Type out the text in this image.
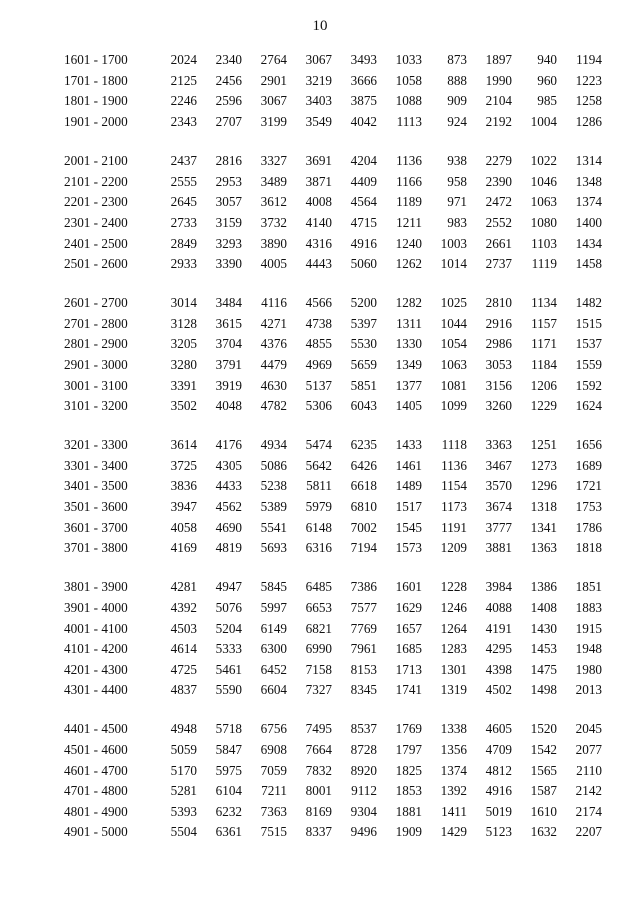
10
1601 - 1700	2024	2340	2764	3067	3493	1033	873	1897	940	1194
1701 - 1800	2125	2456	2901	3219	3666	1058	888	1990	960	1223
1801 - 1900	2246	2596	3067	3403	3875	1088	909	2104	985	1258
1901 - 2000	2343	2707	3199	3549	4042	1113	924	2192	1004	1286

2001 - 2100	2437	2816	3327	3691	4204	1136	938	2279	1022	1314
2101 - 2200	2555	2953	3489	3871	4409	1166	958	2390	1046	1348
2201 - 2300	2645	3057	3612	4008	4564	1189	971	2472	1063	1374
2301 - 2400	2733	3159	3732	4140	4715	1211	983	2552	1080	1400
2401 - 2500	2849	3293	3890	4316	4916	1240	1003	2661	1103	1434
2501 - 2600	2933	3390	4005	4443	5060	1262	1014	2737	1119	1458

2601 - 2700	3014	3484	4116	4566	5200	1282	1025	2810	1134	1482
2701 - 2800	3128	3615	4271	4738	5397	1311	1044	2916	1157	1515
2801 - 2900	3205	3704	4376	4855	5530	1330	1054	2986	1171	1537
2901 - 3000	3280	3791	4479	4969	5659	1349	1063	3053	1184	1559
3001 - 3100	3391	3919	4630	5137	5851	1377	1081	3156	1206	1592
3101 - 3200	3502	4048	4782	5306	6043	1405	1099	3260	1229	1624

3201 - 3300	3614	4176	4934	5474	6235	1433	1118	3363	1251	1656
3301 - 3400	3725	4305	5086	5642	6426	1461	1136	3467	1273	1689
3401 - 3500	3836	4433	5238	5811	6618	1489	1154	3570	1296	1721
3501 - 3600	3947	4562	5389	5979	6810	1517	1173	3674	1318	1753
3601 - 3700	4058	4690	5541	6148	7002	1545	1191	3777	1341	1786
3701 - 3800	4169	4819	5693	6316	7194	1573	1209	3881	1363	1818

3801 - 3900	4281	4947	5845	6485	7386	1601	1228	3984	1386	1851
3901 - 4000	4392	5076	5997	6653	7577	1629	1246	4088	1408	1883
4001 - 4100	4503	5204	6149	6821	7769	1657	1264	4191	1430	1915
4101 - 4200	4614	5333	6300	6990	7961	1685	1283	4295	1453	1948
4201 - 4300	4725	5461	6452	7158	8153	1713	1301	4398	1475	1980
4301 - 4400	4837	5590	6604	7327	8345	1741	1319	4502	1498	2013

4401 - 4500	4948	5718	6756	7495	8537	1769	1338	4605	1520	2045
4501 - 4600	5059	5847	6908	7664	8728	1797	1356	4709	1542	2077
4601 - 4700	5170	5975	7059	7832	8920	1825	1374	4812	1565	2110
4701 - 4800	5281	6104	7211	8001	9112	1853	1392	4916	1587	2142
4801 - 4900	5393	6232	7363	8169	9304	1881	1411	5019	1610	2174
4901 - 5000	5504	6361	7515	8337	9496	1909	1429	5123	1632	2207
